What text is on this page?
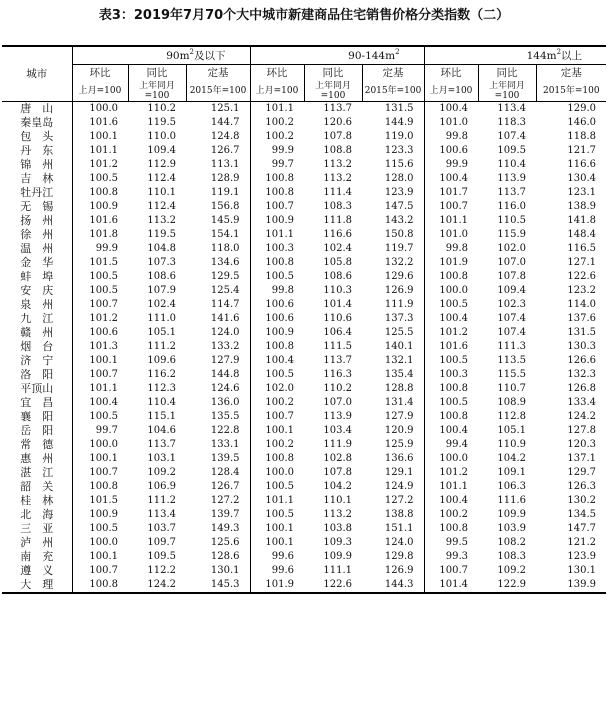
表3：2019年7月70个大中城市新建商品住宅销售价格分类指数（二）
城市	$90m^2$及以下			$90-144m^2$			$144m^2$以上		
	环比	同比	定基	环比	同比	定基	环比	同比	定基
	上月=100	上年同月=100	2015年=100	上月=100	上年同月=100	2015年=100	上月=100	上年同月=100	2015年=100
唐　山	100.0	110.2	125.1	101.1	113.7	131.5	100.4	113.4	129.0
秦皇岛	101.6	119.5	144.7	100.2	120.6	144.9	101.0	118.3	146.0
包　头	100.1	110.0	124.8	100.2	107.8	119.0	99.8	107.4	118.8
丹　东	101.1	109.4	126.7	99.9	108.8	123.3	100.6	109.5	121.7
锦　州	101.2	112.9	113.1	99.7	113.2	115.6	99.9	110.4	116.6
吉　林	100.5	112.4	128.9	100.8	113.2	128.0	100.4	113.9	130.4
牡丹江	100.8	110.1	119.1	100.8	111.4	123.9	101.7	113.7	123.1
无　锡	100.9	112.4	156.8	100.7	108.3	147.5	100.7	116.0	138.9
扬　州	101.6	113.2	145.9	100.9	111.8	143.2	101.1	110.5	141.8
徐　州	101.8	119.5	154.1	101.1	116.6	150.8	101.0	115.9	148.4
温　州	99.9	104.8	118.0	100.3	102.4	119.7	99.8	102.0	116.5
金　华	101.5	107.3	134.6	100.8	105.8	132.2	101.9	107.0	127.1
蚌　埠	100.5	108.6	129.5	100.5	108.6	129.6	100.8	107.8	122.6
安　庆	100.5	107.9	125.4	99.8	110.3	126.9	100.0	109.4	123.2
泉　州	100.7	102.4	114.7	100.6	101.4	111.9	100.5	102.3	114.0
九　江	101.2	111.0	141.6	100.6	110.6	137.3	100.4	107.4	137.6
赣　州	100.6	105.1	124.0	100.9	106.4	125.5	101.2	107.4	131.5
烟　台	101.3	111.2	133.2	100.8	111.5	140.1	101.6	111.3	130.3
济　宁	100.1	109.6	127.9	100.4	113.7	132.1	100.5	113.5	126.6
洛　阳	100.7	116.2	144.8	100.5	116.3	135.4	100.3	115.5	132.3
平顶山	101.1	112.3	124.6	102.0	110.2	128.8	100.8	110.7	126.8
宜　昌	100.4	110.4	136.0	100.2	107.0	131.4	100.5	108.9	133.4
襄　阳	100.5	115.1	135.5	100.7	113.9	127.9	100.8	112.8	124.2
岳　阳	99.7	104.6	122.8	100.1	103.4	120.9	100.4	105.1	127.8
常　德	100.0	113.7	133.1	100.2	111.9	125.9	99.4	110.9	120.3
惠　州	100.1	103.1	139.5	100.8	102.8	136.6	100.0	104.2	137.1
湛　江	100.7	109.2	128.4	100.0	107.8	129.1	101.2	109.1	129.7
韶　关	100.8	106.9	126.7	100.5	104.2	124.9	101.1	106.3	126.3
桂　林	101.5	111.2	127.2	101.1	110.1	127.2	100.4	111.6	130.2
北　海	100.9	113.4	139.7	100.5	113.2	138.8	100.2	109.9	134.5
三　亚	100.5	103.7	149.3	100.1	103.8	151.1	100.8	103.9	147.7
泸　州	100.0	109.7	125.6	100.1	109.3	124.0	99.5	108.2	121.2
南　充	100.1	109.5	128.6	99.6	109.9	129.8	99.3	108.3	123.9
遵　义	100.7	112.2	130.1	99.6	111.1	126.9	100.7	109.2	130.1
大　理	100.8	124.2	145.3	101.9	122.6	144.3	101.4	122.9	139.9
